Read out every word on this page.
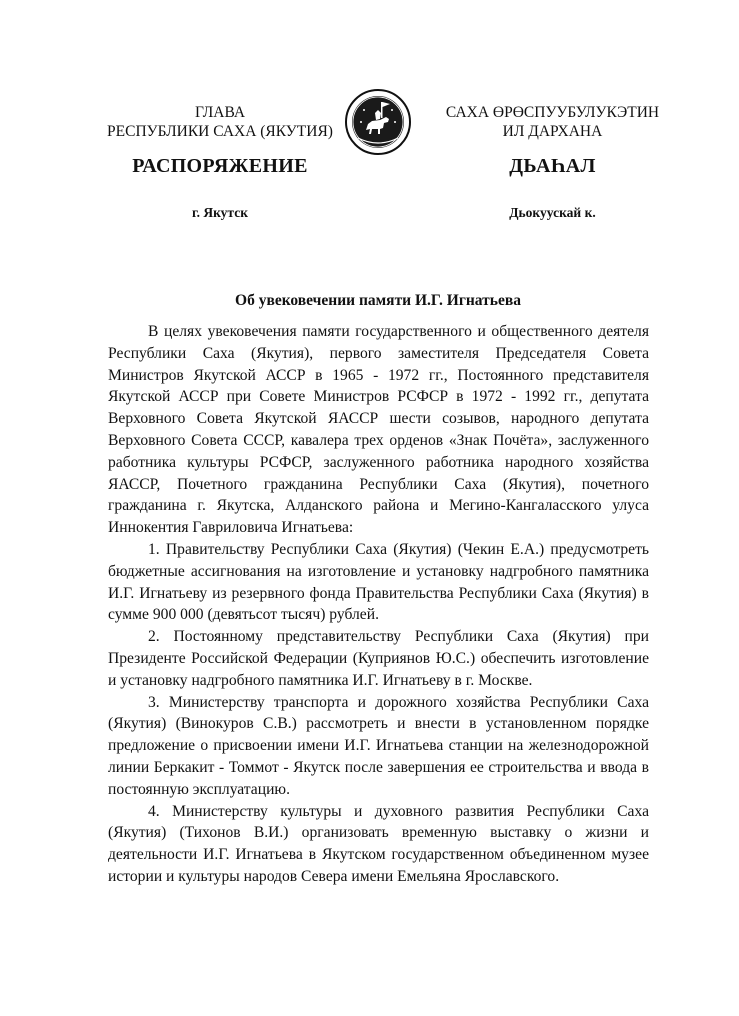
ГЛАВА
РЕСПУБЛИКИ САХА (ЯКУТИЯ)
САХА ӨРӨСПУУБУЛУКЭТИН
ИЛ ДАРХАНА
РАСПОРЯЖЕНИЕ	ДЬАҺАЛ
г. Якутск	Дьокуускай к.
Об увековечении памяти И.Г. Игнатьева

В целях увековечения памяти государственного и общественного деятеля Республики Саха (Якутия), первого заместителя Председателя Совета Министров Якутской АССР в 1965 - 1972 гг., Постоянного представителя Якутской АССР при Совете Министров РСФСР в 1972 - 1992 гг., депутата Верховного Совета Якутской ЯАССР шести созывов, народного депутата Верховного Совета СССР, кавалера трех орденов «Знак Почёта», заслуженного работника культуры РСФСР, заслуженного работника народного хозяйства ЯАССР, Почетного гражданина Республики Саха (Якутия), почетного гражданина г. Якутска, Алданского района и Мегино-Кангаласского улуса Иннокентия Гавриловича Игнатьева:

1. Правительству Республики Саха (Якутия) (Чекин Е.А.) предусмотреть бюджетные ассигнования на изготовление и установку надгробного памятника И.Г. Игнатьеву из резервного фонда Правительства Республики Саха (Якутия) в сумме 900 000 (девятьсот тысяч) рублей.

2. Постоянному представительству Республики Саха (Якутия) при Президенте Российской Федерации (Куприянов Ю.С.) обеспечить изготовление и установку надгробного памятника И.Г. Игнатьеву в г. Москве.

3. Министерству транспорта и дорожного хозяйства Республики Саха (Якутия) (Винокуров С.В.) рассмотреть и внести в установленном порядке предложение о присвоении имени И.Г. Игнатьева станции на железнодорожной линии Беркакит - Томмот - Якутск после завершения ее строительства и ввода в постоянную эксплуатацию.

4. Министерству культуры и духовного развития Республики Саха (Якутия) (Тихонов В.И.) организовать временную выставку о жизни и деятельности И.Г. Игнатьева в Якутском государственном объединенном музее истории и культуры народов Севера имени Емельяна Ярославского.
